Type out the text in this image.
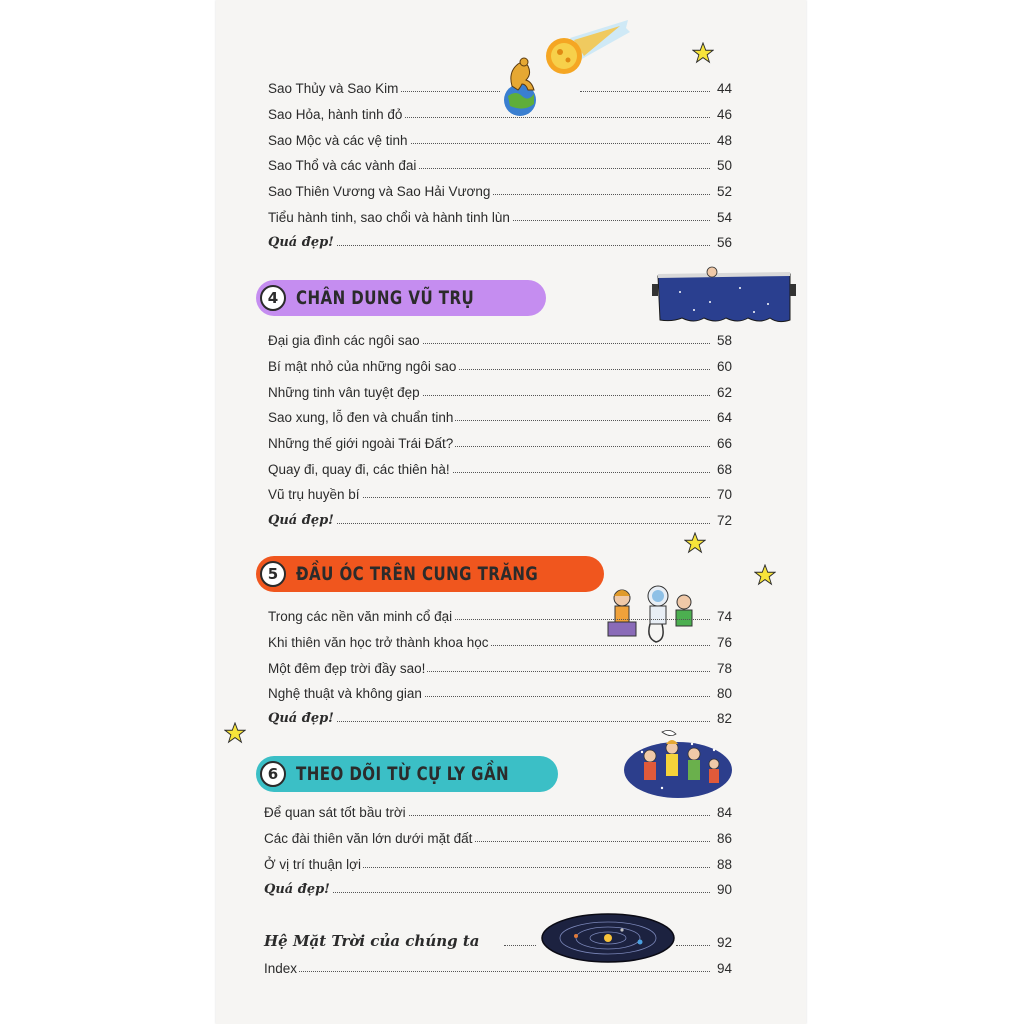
Sao Thủy và Sao Kim	44
Sao Hỏa, hành tinh đỏ	46
Sao Mộc và các vệ tinh	48
Sao Thổ và các vành đai	50
Sao Thiên Vương và Sao Hải Vương	52
Tiểu hành tinh, sao chổi và hành tinh lùn	54
Quá đẹp!	56
4 CHÂN DUNG VŨ TRỤ
Đại gia đình các ngôi sao	58
Bí mật nhỏ của những ngôi sao	60
Những tinh vân tuyệt đẹp	62
Sao xung, lỗ đen và chuẩn tinh	64
Những thế giới ngoài Trái Đất?	66
Quay đi, quay đi, các thiên hà!	68
Vũ trụ huyền bí	70
Quá đẹp!	72
5 ĐẦU ÓC TRÊN CUNG TRĂNG
Trong các nền văn minh cổ đại	74
Khi thiên văn học trở thành khoa học	76
Một đêm đẹp trời đầy sao!	78
Nghệ thuật và không gian	80
Quá đẹp!	82
6 THEO DÕI TỪ CỰ LY GẦN
Để quan sát tốt bầu trời	84
Các đài thiên văn lớn dưới mặt đất	86
Ở vị trí thuận lợi	88
Quá đẹp!	90
Hệ Mặt Trời của chúng ta	92
Index	94
